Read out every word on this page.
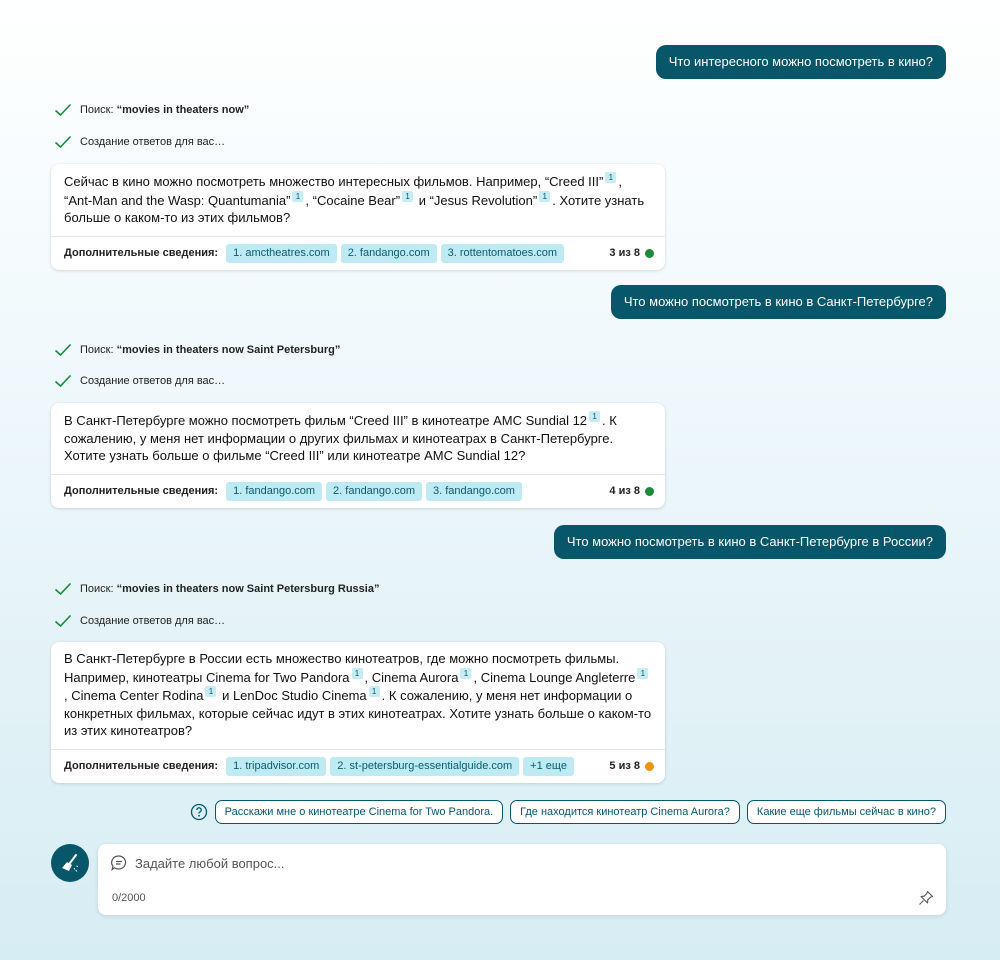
Что интересного можно посмотреть в кино?
Поиск: “movies in theaters now”
Создание ответов для вас…
Сейчас в кино можно посмотреть множество интересных фильмов. Например, “Creed III” 1 , “Ant-Man and the Wasp: Quantumania” 1 , “Cocaine Bear” 1 и “Jesus Revolution” 1 . Хотите узнать больше о каком-то из этих фильмов?
Дополнительные сведения:	1. amctheatres.com	2. fandango.com	3. rottentomatoes.com	3 из 8
Что можно посмотреть в кино в Санкт-Петербурге?
Поиск: “movies in theaters now Saint Petersburg”
Создание ответов для вас…
В Санкт-Петербурге можно посмотреть фильм “Creed III” в кинотеатре AMC Sundial 12 1 . К сожалению, у меня нет информации о других фильмах и кинотеатрах в Санкт-Петербурге. Хотите узнать больше о фильме “Creed III” или кинотеатре AMC Sundial 12?
Дополнительные сведения:	1. fandango.com	2. fandango.com	3. fandango.com	4 из 8
Что можно посмотреть в кино в Санкт-Петербурге в России?
Поиск: “movies in theaters now Saint Petersburg Russia”
Создание ответов для вас…
В Санкт-Петербурге в России есть множество кинотеатров, где можно посмотреть фильмы. Например, кинотеатры Cinema for Two Pandora 1 , Cinema Aurora 1 , Cinema Lounge Angleterre 1, Cinema Center Rodina 1 и LenDoc Studio Cinema 1 . К сожалению, у меня нет информации о конкретных фильмах, которые сейчас идут в этих кинотеатрах. Хотите узнать больше о каком-то из этих кинотеатров?
Дополнительные сведения:	1. tripadvisor.com	2. st-petersburg-essentialguide.com	+1 еще	5 из 8
Расскажи мне о кинотеатре Cinema for Two Pandora.	Где находится кинотеатр Cinema Aurora?	Какие еще фильмы сейчас в кино?
Задайте любой вопрос...
0/2000
